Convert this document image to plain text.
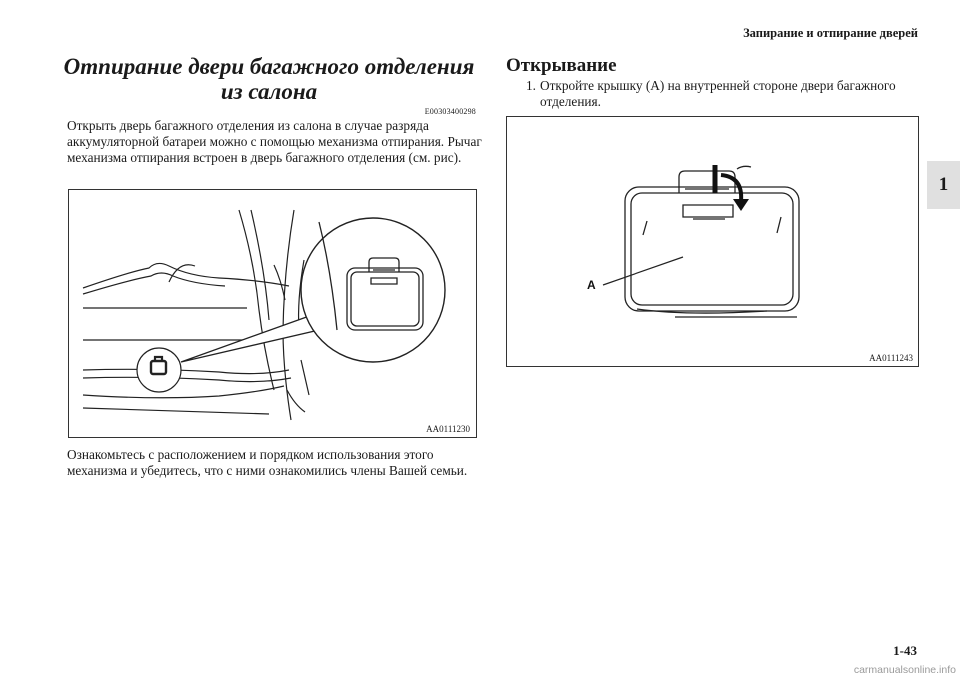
Запирание и отпирание дверей
1
Отпирание двери багажного отделения
из салона
E00303400298
Открыть дверь багажного отделения из салона в случае разряда аккумуляторной батареи можно с помощью механизма отпирания. Рычаг механизма отпирания встроен в дверь багажного отделения (см. рис).
AA0111230
Ознакомьтесь с расположением и порядком использования этого механизма и убедитесь, что с ними ознакомились члены Вашей семьи.
Открывание
1. Откройте крышку (А) на внутренней стороне двери багажного отделения.
A
AA0111243
1-43
carmanualsonline.info
